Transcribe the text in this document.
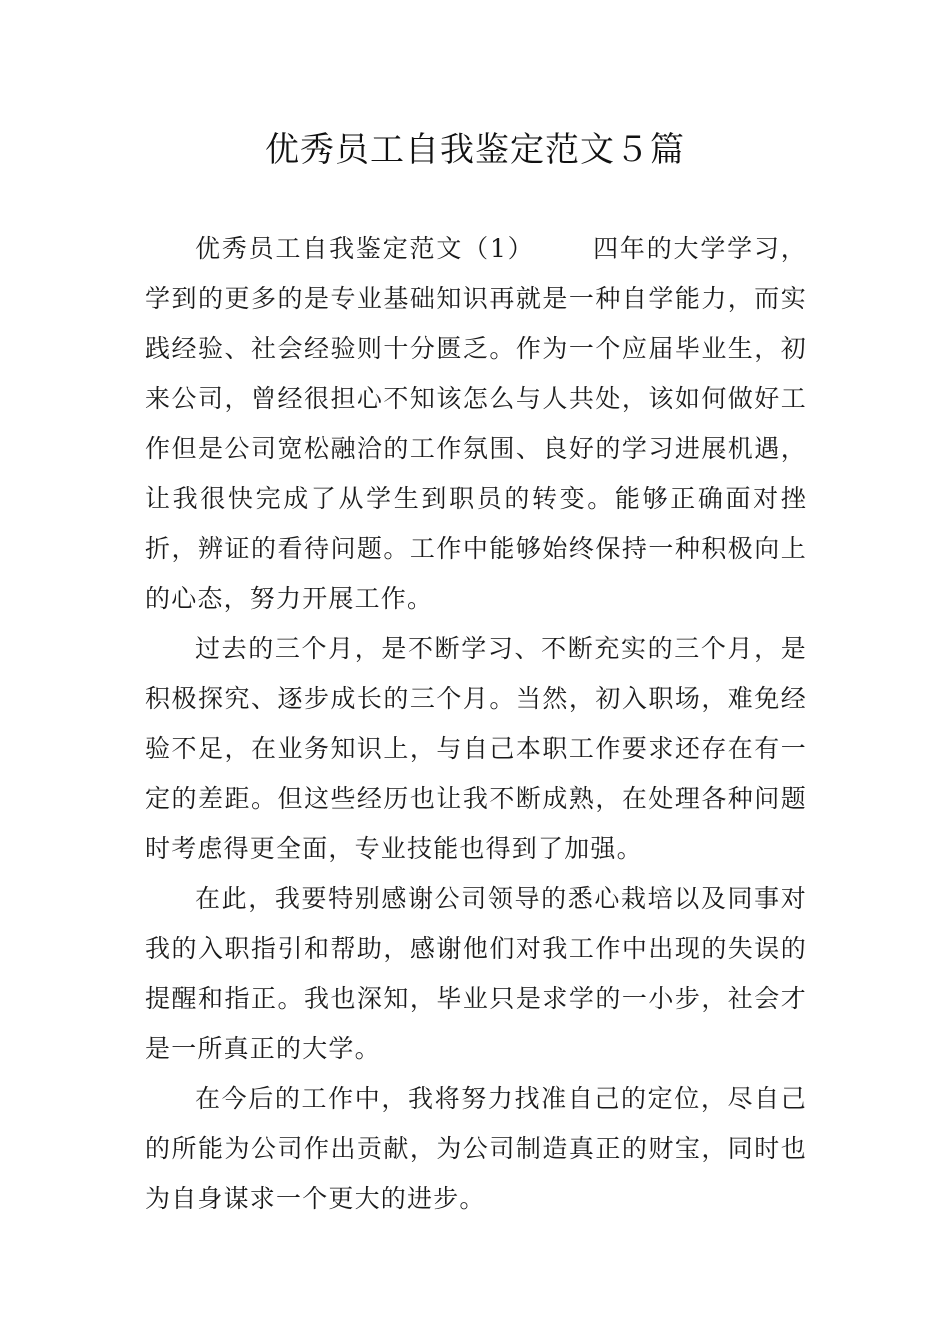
优秀员工自我鉴定范文５篇

优秀员工自我鉴定范文（1） 四年的大学学习，学到的更多的是专业基础知识再就是一种自学能力，而实践经验、社会经验则十分匮乏。作为一个应届毕业生，初来公司，曾经很担心不知该怎么与人共处，该如何做好工作但是公司宽松融洽的工作氛围、良好的学习进展机遇，让我很快完成了从学生到职员的转变。能够正确面对挫折，辨证的看待问题。工作中能够始终保持一种积极向上的心态，努力开展工作。

过去的三个月，是不断学习、不断充实的三个月，是积极探究、逐步成长的三个月。当然，初入职场，难免经验不足，在业务知识上，与自己本职工作要求还存在有一定的差距。但这些经历也让我不断成熟，在处理各种问题时考虑得更全面，专业技能也得到了加强。

在此，我要特别感谢公司领导的悉心栽培以及同事对我的入职指引和帮助，感谢他们对我工作中出现的失误的提醒和指正。我也深知，毕业只是求学的一小步，社会才是一所真正的大学。

在今后的工作中，我将努力找准自己的定位，尽自己的所能为公司作出贡献，为公司制造真正的财宝，同时也为自身谋求一个更大的进步。
